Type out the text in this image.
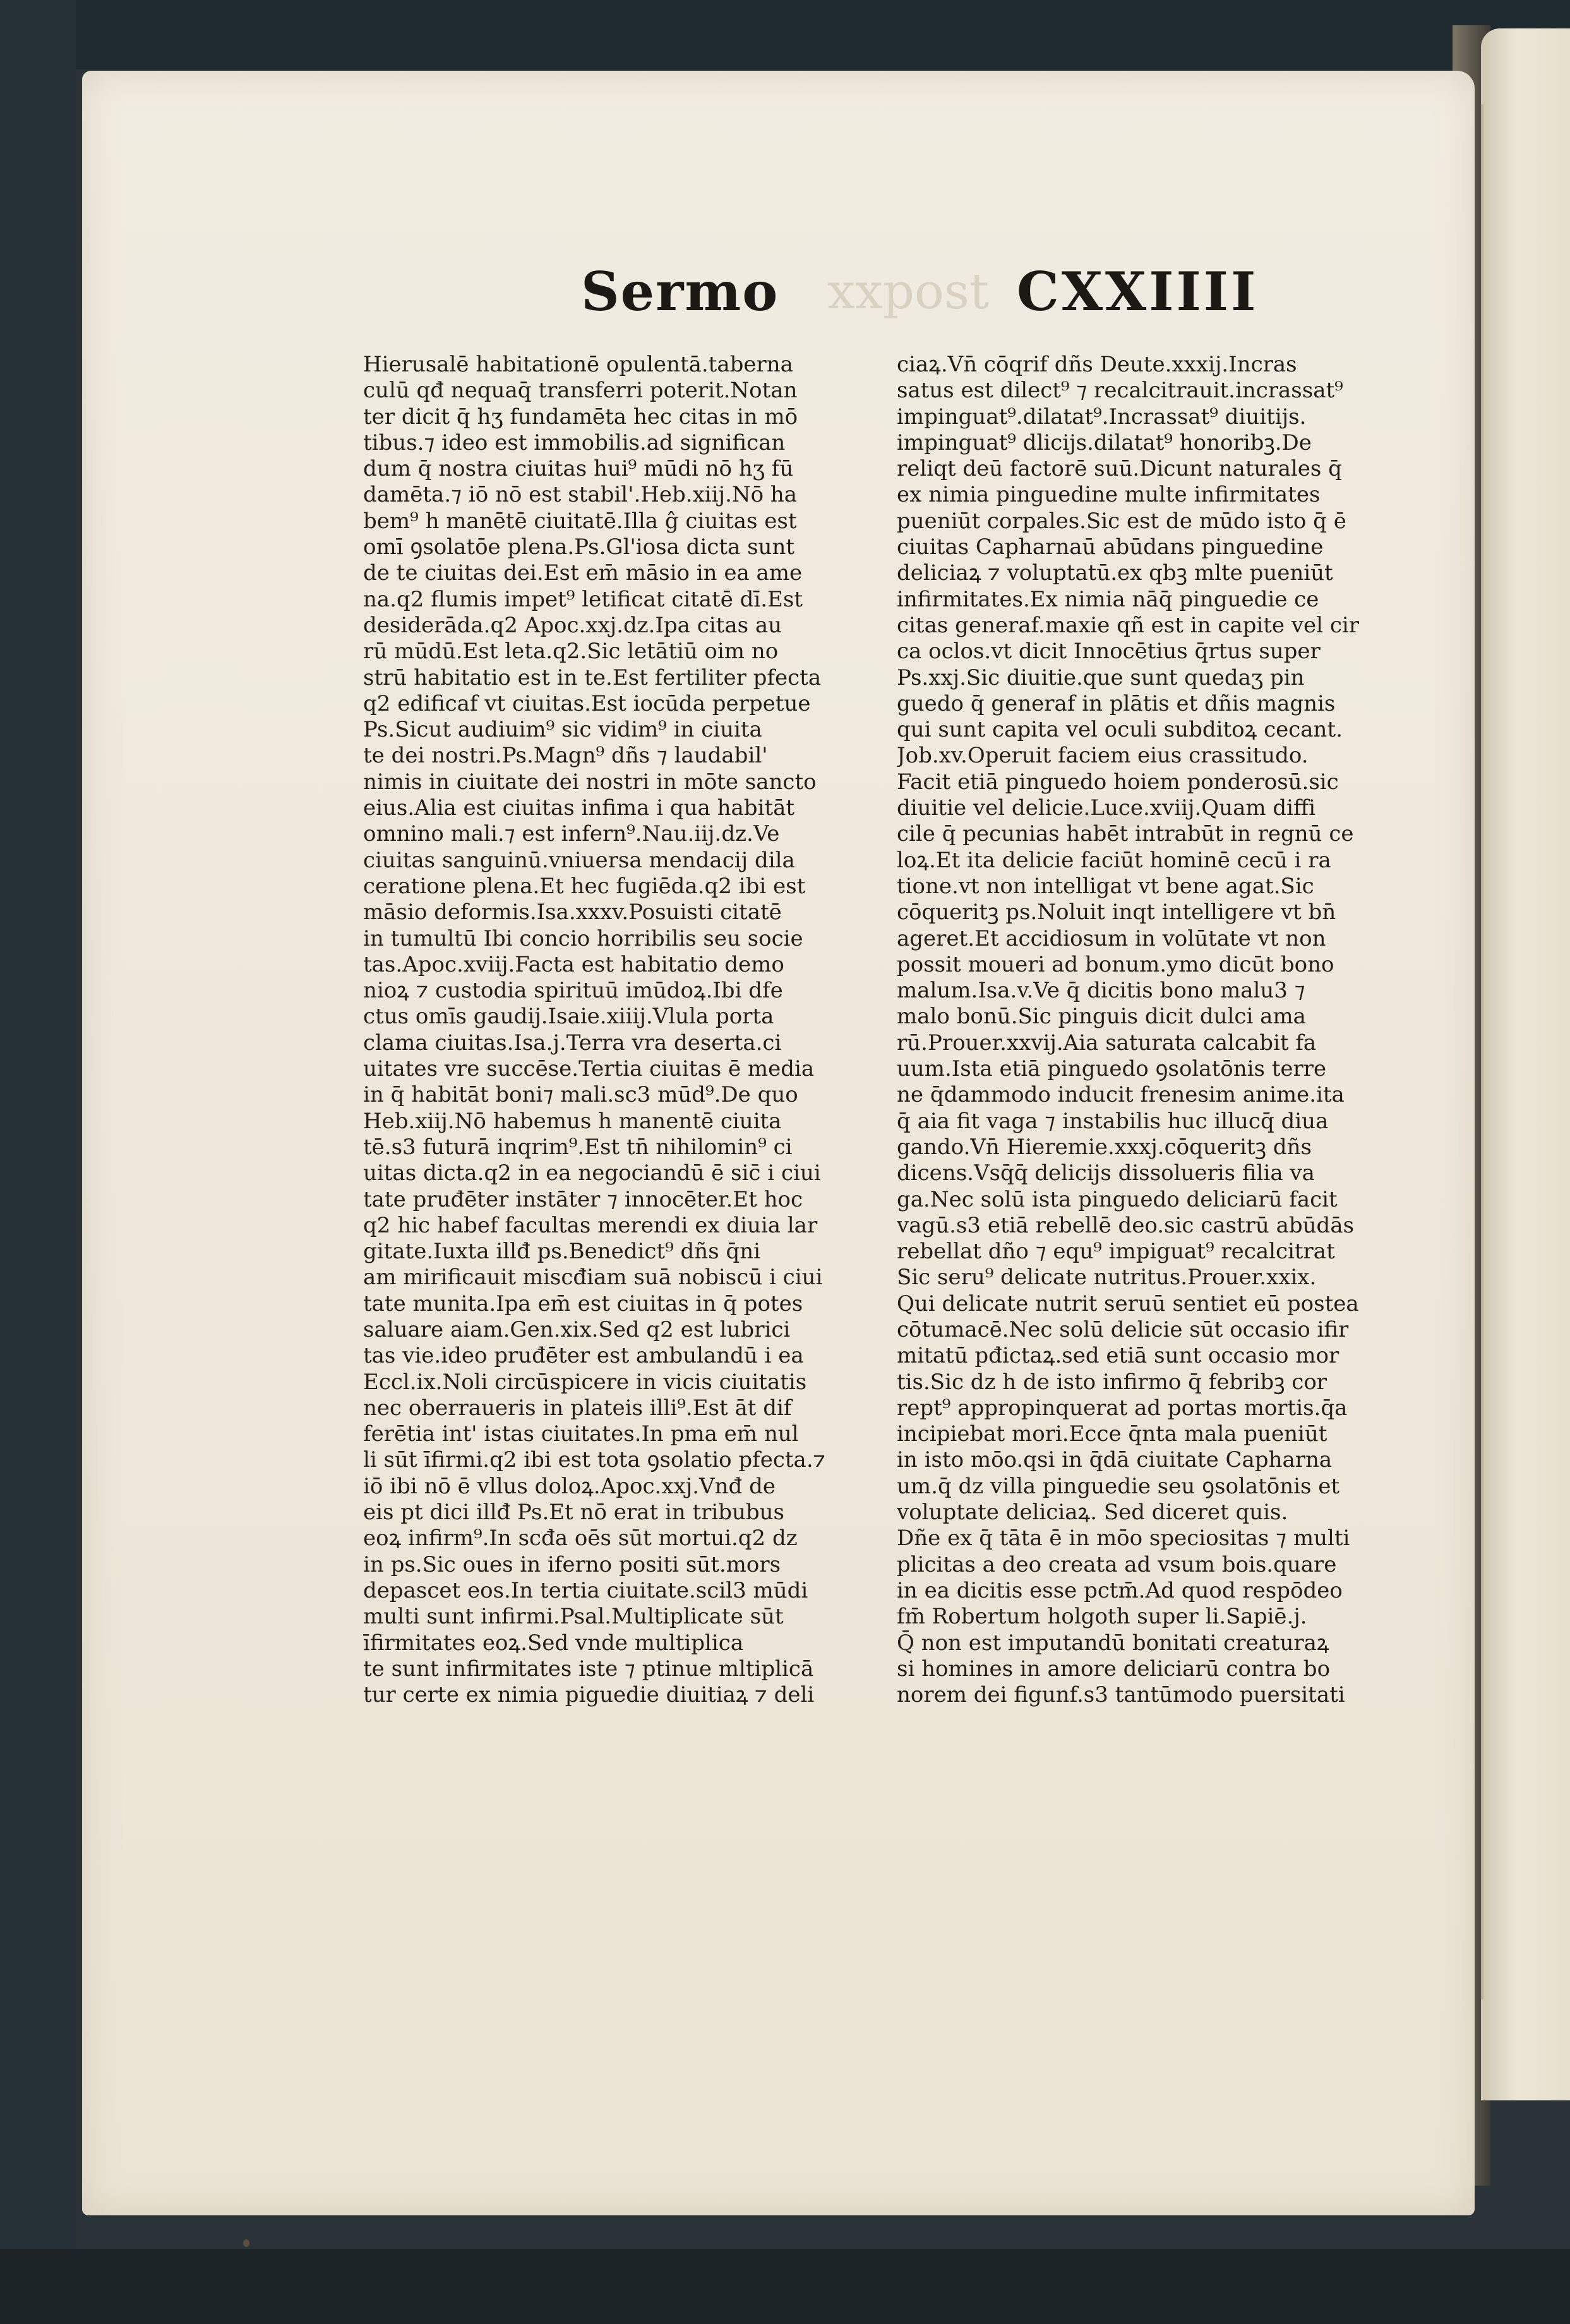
xxpost
Sermo	CXXIIII
Hierusalē habitationē opulentā.taberna
culū qđ nequaq̄ transferri poterit.Notan
ter dicit q̄ hʒ fundamēta hec citas in mō
tibus.⁊ ideo est immobilis.ad significan
dum q̄ nostra ciuitas hui⁹ mūdi nō hʒ fū
damēta.⁊ iō nō est stabil'.Heb.xiij.Nō ha
bem⁹ h manētē ciuitatē.Illa ĝ ciuitas est
omī ꝯsolatōe plena.Ps.Gl'iosa dicta sunt
de te ciuitas dei.Est em̄ māsio in ea ame
na.q2 flumis impet⁹ letificat citatē dī.Est
desiderāda.q2 Apoc.xxj.dz.Ipa citas au
rū mūdū.Est leta.q2.Sic letātiū oim no
strū habitatio est in te.Est fertiliter pfecta
q2 edificaf vt ciuitas.Est iocūda perpetue
Ps.Sicut audiuim⁹ sic vidim⁹ in ciuita
te dei nostri.Ps.Magn⁹ dñs ⁊ laudabil'
nimis in ciuitate dei nostri in mōte sancto
eius.Alia est ciuitas infima i qua habitāt
omnino mali.⁊ est infern⁹.Nau.iij.dz.Ve
ciuitas sanguinū.vniuersa mendacij dila
ceratione plena.Et hec fugiēda.q2 ibi est
māsio deformis.Isa.xxxv.Posuisti citatē
in tumultū Ibi concio horribilis seu socie
tas.Apoc.xviij.Facta est habitatio demo
nioꝝ ⁊ custodia spirituū imūdoꝝ.Ibi dfe
ctus omīs gaudij.Isaie.xiiij.Vlula porta
clama ciuitas.Isa.j.Terra vra deserta.ci
uitates vre succēse.Tertia ciuitas ē media
in q̄ habitāt boni⁊ mali.sc3 mūd⁹.De quo
Heb.xiij.Nō habemus h manentē ciuita
tē.s3 futurā inqrim⁹.Est tn̄ nihilomin⁹ ci
uitas dicta.q2 in ea negociandū ē sic̄ i ciui
tate pruđēter instāter ⁊ innocēter.Et hoc
q2 hic habef facultas merendi ex diuia lar
gitate.Iuxta illđ ps.Benedict⁹ dñs q̄ni
am mirificauit miscđiam suā nobiscū i ciui
tate munita.Ipa em̄ est ciuitas in q̄ potes
saluare aiam.Gen.xix.Sed q2 est lubrici
tas vie.ideo pruđēter est ambulandū i ea
Eccl.ix.Noli circūspicere in vicis ciuitatis
nec oberraueris in plateis illi⁹.Est āt dif
ferētia int' istas ciuitates.In pma em̄ nul
li sūt īfirmi.q2 ibi est tota ꝯsolatio pfecta.⁊
iō ibi nō ē vllus doloꝝ.Apoc.xxj.Vnđ de
eis pt dici illđ Ps.Et nō erat in tribubus
eoꝝ infirm⁹.In scđa oēs sūt mortui.q2 dz
in ps.Sic oues in iferno positi sūt.mors
depascet eos.In tertia ciuitate.scil3 mūdi
multi sunt infirmi.Psal.Multiplicate sūt
īfirmitates eoꝝ.Sed vnde multiplica
te sunt infirmitates iste ⁊ ptinue mltiplicā
tur certe ex nimia piguedie diuitiaꝝ ⁊ deli
ciaꝝ.Vn̄ cōqrif dñs Deute.xxxij.Incras
satus est dilect⁹ ⁊ recalcitrauit.incrassat⁹
impinguat⁹.dilatat⁹.Incrassat⁹ diuitijs.
impinguat⁹ dlicijs.dilatat⁹ honoribꝫ.De
reliqt deū factorē suū.Dicunt naturales q̄
ex nimia pinguedine multe infirmitates
pueniūt corpales.Sic est de mūdo isto q̄ ē
ciuitas Capharnaū abūdans pinguedine
deliciaꝝ ⁊ voluptatū.ex qbꝫ mlte pueniūt
infirmitates.Ex nimia nāq̄ pinguedie ce
citas generaf.maxie qñ est in capite vel cir
ca oclos.vt dicit Innocētius q̄rtus super
Ps.xxj.Sic diuitie.que sunt quedaʒ pin
guedo q̄ generaf in plātis et dñis magnis
qui sunt capita vel oculi subditoꝝ cecant.
Job.xv.Operuit faciem eius crassitudo.
Facit etiā pinguedo hoiem ponderosū.sic
diuitie vel delicie.Luce.xviij.Quam diffi
cile q̄ pecunias habēt intrabūt in regnū ce
loꝝ.Et ita delicie faciūt hominē cecū i ra
tione.vt non intelligat vt bene agat.Sic
cōqueritꝫ ps.Noluit inqt intelligere vt bn̄
ageret.Et accidiosum in volūtate vt non
possit moueri ad bonum.ymo dicūt bono
malum.Isa.v.Ve q̄ dicitis bono malu3 ⁊
malo bonū.Sic pinguis dicit dulci ama
rū.Prouer.xxvij.Aia saturata calcabit fa
uum.Ista etiā pinguedo ꝯsolatōnis terre
ne q̄dammodo inducit frenesim anime.ita
q̄ aia fit vaga ⁊ instabilis huc illucq̄ diua
gando.Vn̄ Hieremie.xxxj.cōqueritꝫ dñs
dicens.Vsq̄q̄ delicijs dissolueris filia va
ga.Nec solū ista pinguedo deliciarū facit
vagū.s3 etiā rebellē deo.sic castrū abūdās
rebellat dño ⁊ equ⁹ impiguat⁹ recalcitrat
Sic seru⁹ delicate nutritus.Prouer.xxix.
Qui delicate nutrit seruū sentiet eū postea
cōtumacē.Nec solū delicie sūt occasio ifir
mitatū pđictaꝝ.sed etiā sunt occasio mor
tis.Sic dz h de isto infirmo q̄ febribꝫ cor
rept⁹ appropinquerat ad portas mortis.q̄a
incipiebat mori.Ecce q̄nta mala pueniūt
in isto mōo.qsi in q̄dā ciuitate Capharna
um.q̄ dz villa pinguedie seu ꝯsolatōnis et
voluptate deliciaꝝ. Sed diceret quis.
Dñe ex q̄ tāta ē in mōo speciositas ⁊ multi
plicitas a deo creata ad vsum bois.quare
in ea dicitis esse pctm̄.Ad quod respōdeo
fm̄ Robertum holgoth super li.Sapiē.j.
Q̄ non est imputandū bonitati creaturaꝝ
si homines in amore deliciarū contra bo
norem dei figunf.s3 tantūmodo puersitati
